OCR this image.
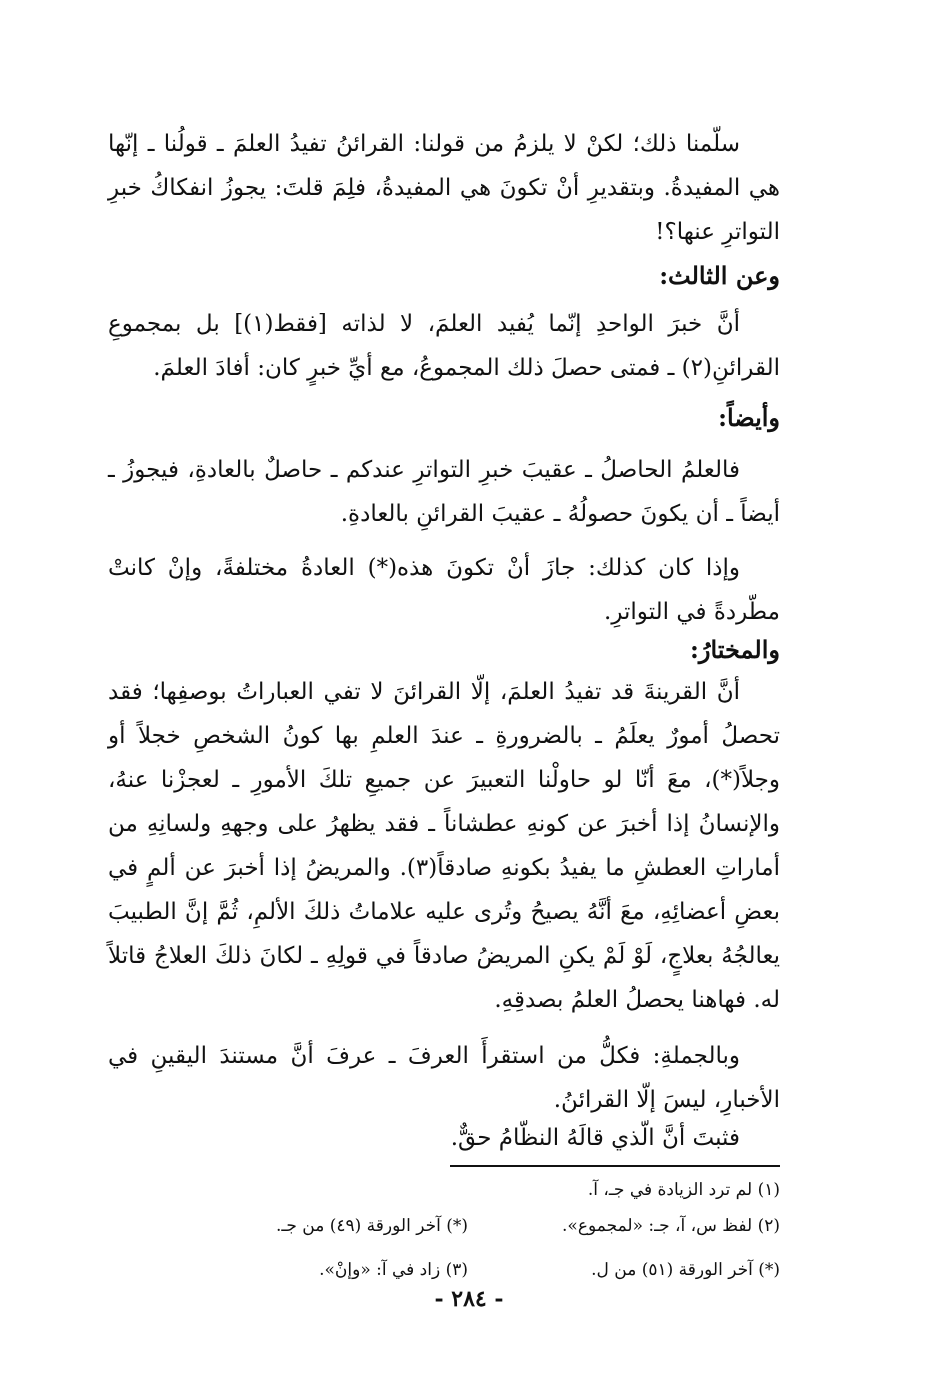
سلّمنا ذلك؛ لكنْ لا يلزمُ من قولنا: القرائنُ تفيدُ العلمَ ـ قولُنا ـ إنّها هي المفيدةُ. وبتقديرِ أنْ تكونَ هي المفيدةُ، فلِمَ قلتَ: يجوزُ انفكاكُ خبرِ التواترِ عنها؟!

وعن الثالث:

أنَّ خبرَ الواحدِ إنّما يُفيد العلمَ، لا لذاته [فقط(١)] بل بمجموعِ القرائنِ(٢) ـ فمتى حصلَ ذلك المجموعُ، مع أيِّ خبرٍ كان: أفادَ العلمَ.

وأيضاً:

فالعلمُ الحاصلُ ـ عقيبَ خبرِ التواترِ عندكم ـ حاصلٌ بالعادةِ، فيجوزُ ـ أيضاً ـ أن يكونَ حصولُهُ ـ عقيبَ القرائنِ بالعادةِ.

وإذا كان كذلك: جازَ أنْ تكونَ هذه(*) العادةُ مختلفةً، وإنْ كانتْ مطّردةً في التواترِ.

والمختارُ:

أنَّ القرينةَ قد تفيدُ العلمَ، إلّا القرائنَ لا تفي العباراتُ بوصفِها؛ فقد تحصلُ أمورٌ يعلَمُ ـ بالضرورةِ ـ عندَ العلمِ بها كونُ الشخصِ خجلاً أو وجلاً(*)، معَ أنّا لو حاولْنا التعبيرَ عن جميعِ تلكَ الأمورِ ـ لعجزْنا عنهُ، والإنسانُ إذا أخبرَ عن كونهِ عطشاناً ـ فقد يظهرُ على وجههِ ولسانِهِ من أماراتِ العطشِ ما يفيدُ بكونهِ صادقاً(٣). والمريضُ إذا أخبرَ عن ألمٍ في بعضِ أعضائِهِ، معَ أنَّهُ يصيحُ وتُرى عليه علاماتُ ذلكَ الألمِ، ثُمَّ إنَّ الطبيبَ يعالجُهُ بعلاجٍ، لَوْ لَمْ يكنِ المريضُ صادقاً في قولِهِ ـ لكانَ ذلكَ العلاجُ قاتلاً له. فهاهنا يحصلُ العلمُ بصدقِهِ.

وبالجملةِ: فكلُّ من استقرأَ العرفَ ـ عرفَ أنَّ مستندَ اليقينِ في الأخبارِ، ليسَ إلّا القرائنُ.

فثبتَ أنَّ الّذي قالَهُ النظّامُ حقٌّ.

(١) لم ترد الزيادة في جـ، آ.

(٢) لفظ س، آ، جـ: «لمجموع».

(*) آخر الورقة (٤٩) من جـ.

(*) آخر الورقة (٥١) من ل.

(٣) زاد في آ: «وإنْ».

- ٢٨٤ -
